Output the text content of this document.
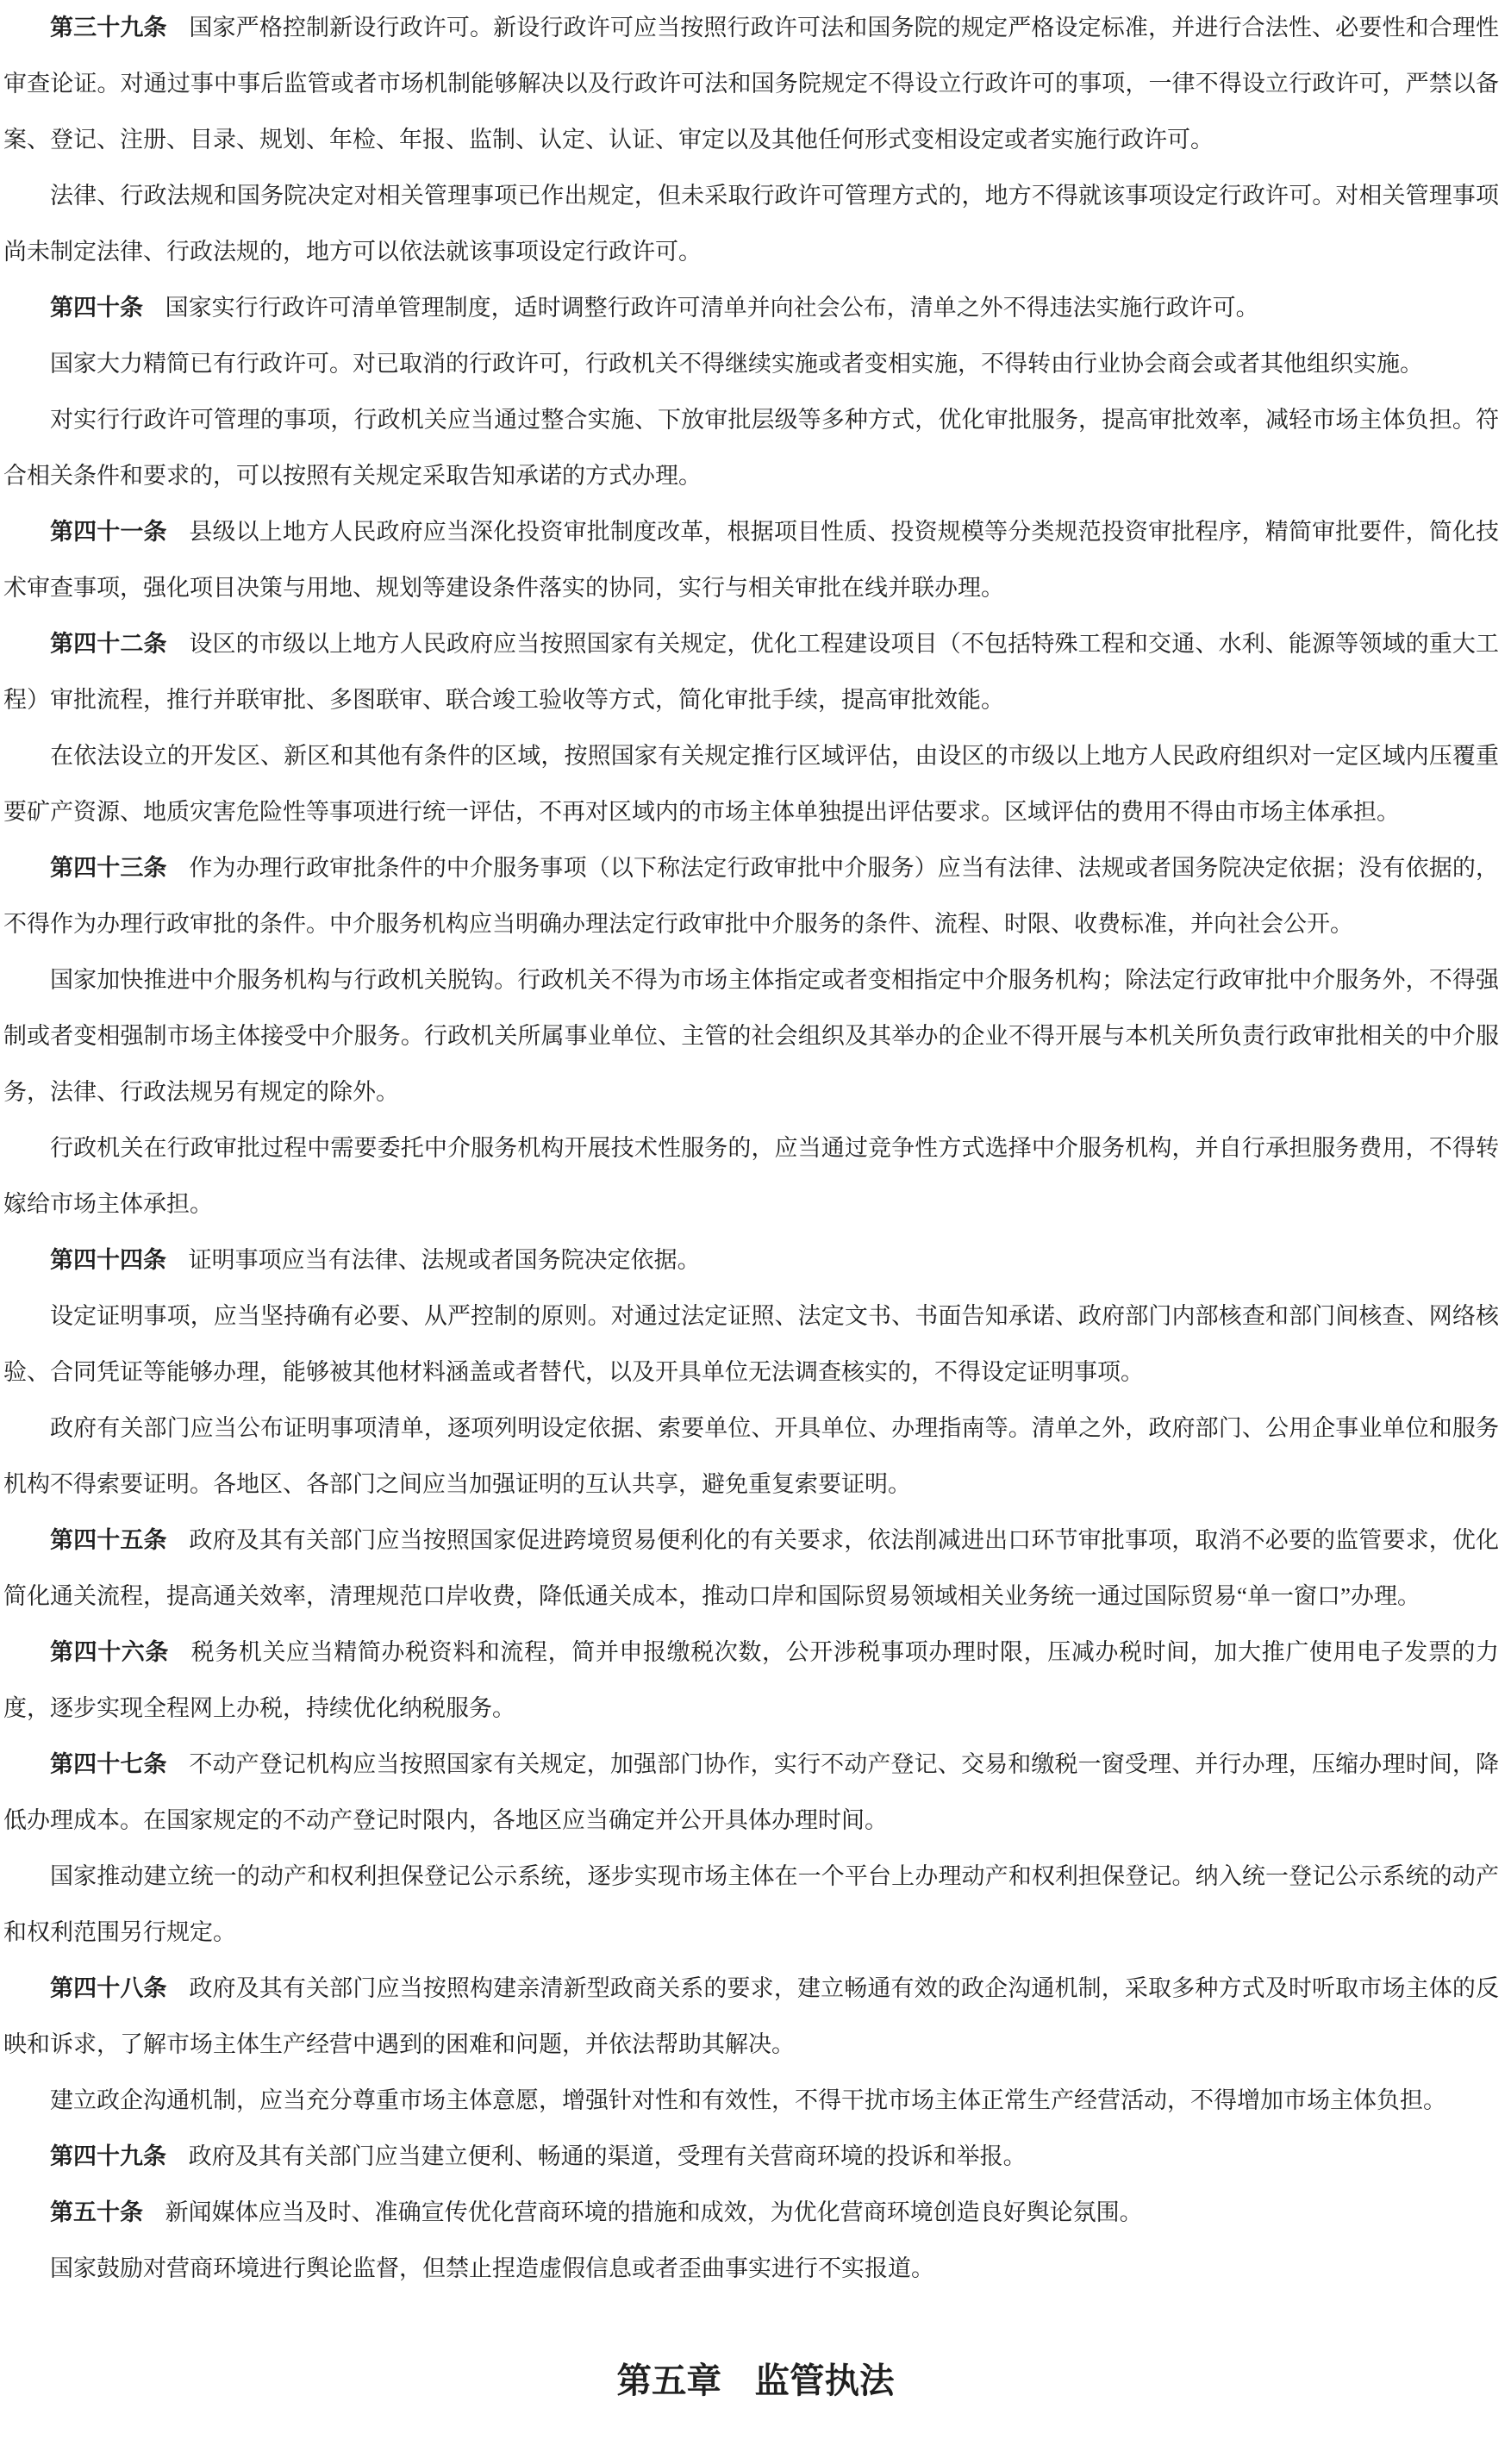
第三十九条 国家严格控制新设行政许可。新设行政许可应当按照行政许可法和国务院的规定严格设定标准，并进行合法性、必要性和合理性审查论证。对通过事中事后监管或者市场机制能够解决以及行政许可法和国务院规定不得设立行政许可的事项，一律不得设立行政许可，严禁以备案、登记、注册、目录、规划、年检、年报、监制、认定、认证、审定以及其他任何形式变相设定或者实施行政许可。

法律、行政法规和国务院决定对相关管理事项已作出规定，但未采取行政许可管理方式的，地方不得就该事项设定行政许可。对相关管理事项尚未制定法律、行政法规的，地方可以依法就该事项设定行政许可。

第四十条 国家实行行政许可清单管理制度，适时调整行政许可清单并向社会公布，清单之外不得违法实施行政许可。

国家大力精简已有行政许可。对已取消的行政许可，行政机关不得继续实施或者变相实施，不得转由行业协会商会或者其他组织实施。

对实行行政许可管理的事项，行政机关应当通过整合实施、下放审批层级等多种方式，优化审批服务，提高审批效率，减轻市场主体负担。符合相关条件和要求的，可以按照有关规定采取告知承诺的方式办理。

第四十一条 县级以上地方人民政府应当深化投资审批制度改革，根据项目性质、投资规模等分类规范投资审批程序，精简审批要件，简化技术审查事项，强化项目决策与用地、规划等建设条件落实的协同，实行与相关审批在线并联办理。

第四十二条 设区的市级以上地方人民政府应当按照国家有关规定，优化工程建设项目（不包括特殊工程和交通、水利、能源等领域的重大工程）审批流程，推行并联审批、多图联审、联合竣工验收等方式，简化审批手续，提高审批效能。

在依法设立的开发区、新区和其他有条件的区域，按照国家有关规定推行区域评估，由设区的市级以上地方人民政府组织对一定区域内压覆重要矿产资源、地质灾害危险性等事项进行统一评估，不再对区域内的市场主体单独提出评估要求。区域评估的费用不得由市场主体承担。

第四十三条 作为办理行政审批条件的中介服务事项（以下称法定行政审批中介服务）应当有法律、法规或者国务院决定依据；没有依据的，不得作为办理行政审批的条件。中介服务机构应当明确办理法定行政审批中介服务的条件、流程、时限、收费标准，并向社会公开。

国家加快推进中介服务机构与行政机关脱钩。行政机关不得为市场主体指定或者变相指定中介服务机构；除法定行政审批中介服务外，不得强制或者变相强制市场主体接受中介服务。行政机关所属事业单位、主管的社会组织及其举办的企业不得开展与本机关所负责行政审批相关的中介服务，法律、行政法规另有规定的除外。

行政机关在行政审批过程中需要委托中介服务机构开展技术性服务的，应当通过竞争性方式选择中介服务机构，并自行承担服务费用，不得转嫁给市场主体承担。

第四十四条 证明事项应当有法律、法规或者国务院决定依据。

设定证明事项，应当坚持确有必要、从严控制的原则。对通过法定证照、法定文书、书面告知承诺、政府部门内部核查和部门间核查、网络核验、合同凭证等能够办理，能够被其他材料涵盖或者替代，以及开具单位无法调查核实的，不得设定证明事项。

政府有关部门应当公布证明事项清单，逐项列明设定依据、索要单位、开具单位、办理指南等。清单之外，政府部门、公用企事业单位和服务机构不得索要证明。各地区、各部门之间应当加强证明的互认共享，避免重复索要证明。

第四十五条 政府及其有关部门应当按照国家促进跨境贸易便利化的有关要求，依法削减进出口环节审批事项，取消不必要的监管要求，优化简化通关流程，提高通关效率，清理规范口岸收费，降低通关成本，推动口岸和国际贸易领域相关业务统一通过国际贸易“单一窗口”办理。

第四十六条 税务机关应当精简办税资料和流程，简并申报缴税次数，公开涉税事项办理时限，压减办税时间，加大推广使用电子发票的力度，逐步实现全程网上办税，持续优化纳税服务。

第四十七条 不动产登记机构应当按照国家有关规定，加强部门协作，实行不动产登记、交易和缴税一窗受理、并行办理，压缩办理时间，降低办理成本。在国家规定的不动产登记时限内，各地区应当确定并公开具体办理时间。

国家推动建立统一的动产和权利担保登记公示系统，逐步实现市场主体在一个平台上办理动产和权利担保登记。纳入统一登记公示系统的动产和权利范围另行规定。

第四十八条 政府及其有关部门应当按照构建亲清新型政商关系的要求，建立畅通有效的政企沟通机制，采取多种方式及时听取市场主体的反映和诉求，了解市场主体生产经营中遇到的困难和问题，并依法帮助其解决。

建立政企沟通机制，应当充分尊重市场主体意愿，增强针对性和有效性，不得干扰市场主体正常生产经营活动，不得增加市场主体负担。

第四十九条 政府及其有关部门应当建立便利、畅通的渠道，受理有关营商环境的投诉和举报。

第五十条 新闻媒体应当及时、准确宣传优化营商环境的措施和成效，为优化营商环境创造良好舆论氛围。

国家鼓励对营商环境进行舆论监督，但禁止捏造虚假信息或者歪曲事实进行不实报道。

第五章 监管执法
